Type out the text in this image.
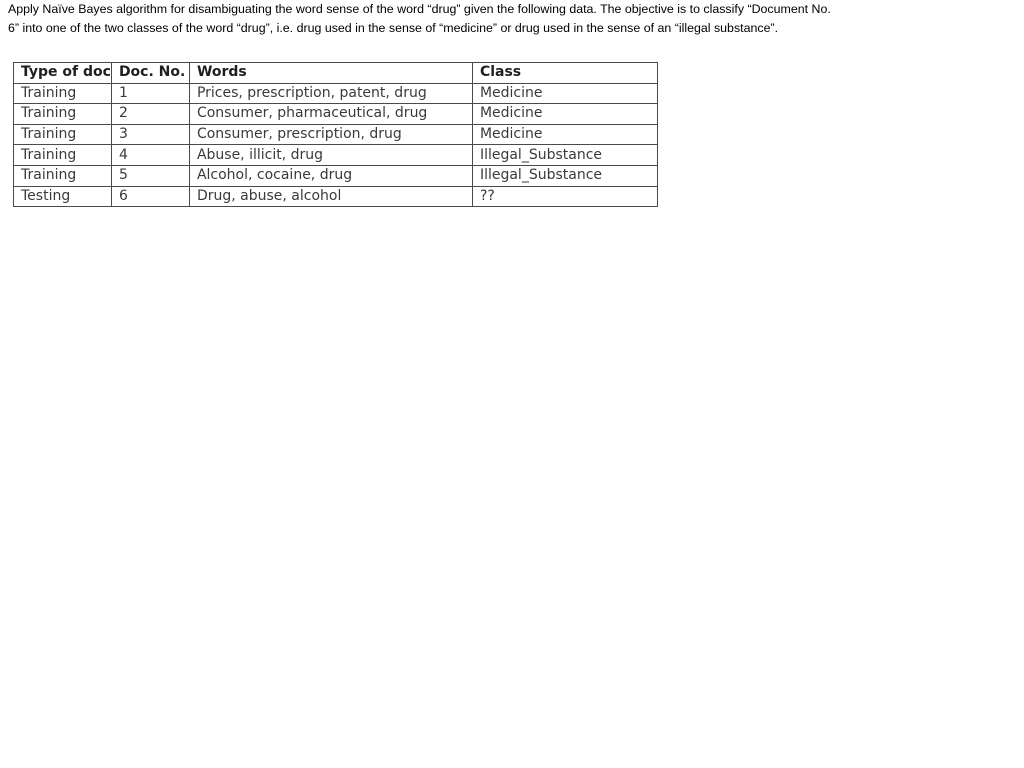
Apply Naïve Bayes algorithm for disambiguating the word sense of the word “drug” given the following data. The objective is to classify “Document No.

6” into one of the two classes of the word “drug”, i.e. drug used in the sense of “medicine” or drug used in the sense of an “illegal substance”.

Type of doc	Doc. No.	Words	Class
Training	1	Prices, prescription, patent, drug	Medicine
Training	2	Consumer, pharmaceutical, drug	Medicine
Training	3	Consumer, prescription, drug	Medicine
Training	4	Abuse, illicit, drug	Illegal_Substance
Training	5	Alcohol, cocaine, drug	Illegal_Substance
Testing	6	Drug, abuse, alcohol	??
